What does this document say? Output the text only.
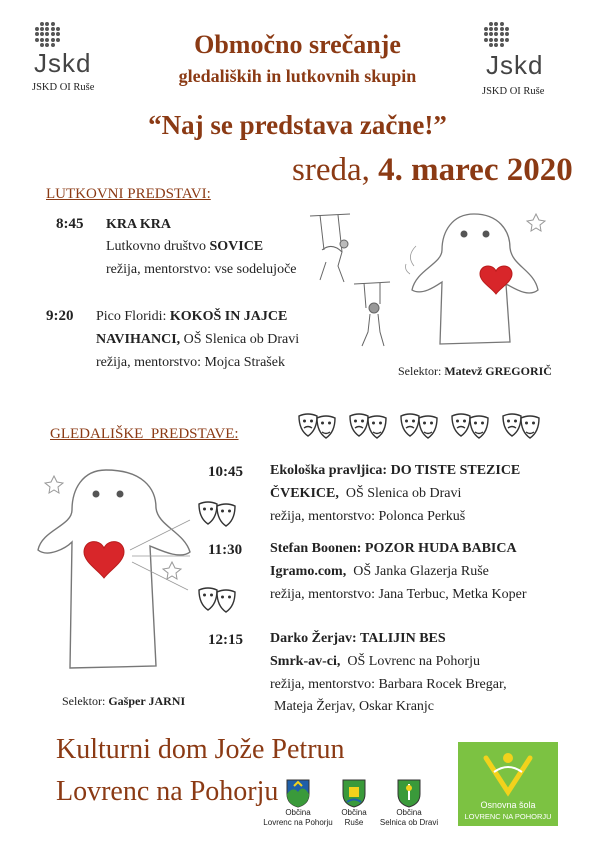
Jskd
JSKD OI Ruše
Jskd
JSKD OI Ruše
Območno srečanje
gledaliških in lutkovnih skupin
“Naj se predstava začne!”
sreda, 4. marec 2020
LUTKOVNI PREDSTAVI:
8:45 KRA KRA
Lutkovno društvo SOVICE
režija, mentorstvo: vse sodelujoče
9:20 Pico Floridi: KOKOŠ IN JAJCE
NAVIHANCI, OŠ Slenica ob Dravi
režija, mentorstvo: Mojca Strašek
Selektor: Matevž GREGORIČ
GLEDALIŠKE  PREDSTAVE:
10:45 Ekološka pravljica: DO TISTE STEZICE
ČVEKICE,  OŠ Slenica ob Dravi
režija, mentorstvo: Polonca Perkuš
11:30 Stefan Boonen: POZOR HUDA BABICA
Igramo.com,  OŠ Janka Glazerja Ruše
režija, mentorstvo: Jana Terbuc, Metka Koper
12:15 Darko Žerjav: TALIJIN BES
Smrk-av-ci,  OŠ Lovrenc na Pohorju
režija, mentorstvo: Barbara Rocek Bregar,
Mateja Žerjav, Oskar Kranjc
Selektor: Gašper JARNI
Kulturni dom Jože Petrun
Lovrenc na Pohorju
Občina
Lovrenc na Pohorju
Občina
Ruše
Občina
Selnica ob Dravi
Osnovna šola
LOVRENC NA POHORJU
